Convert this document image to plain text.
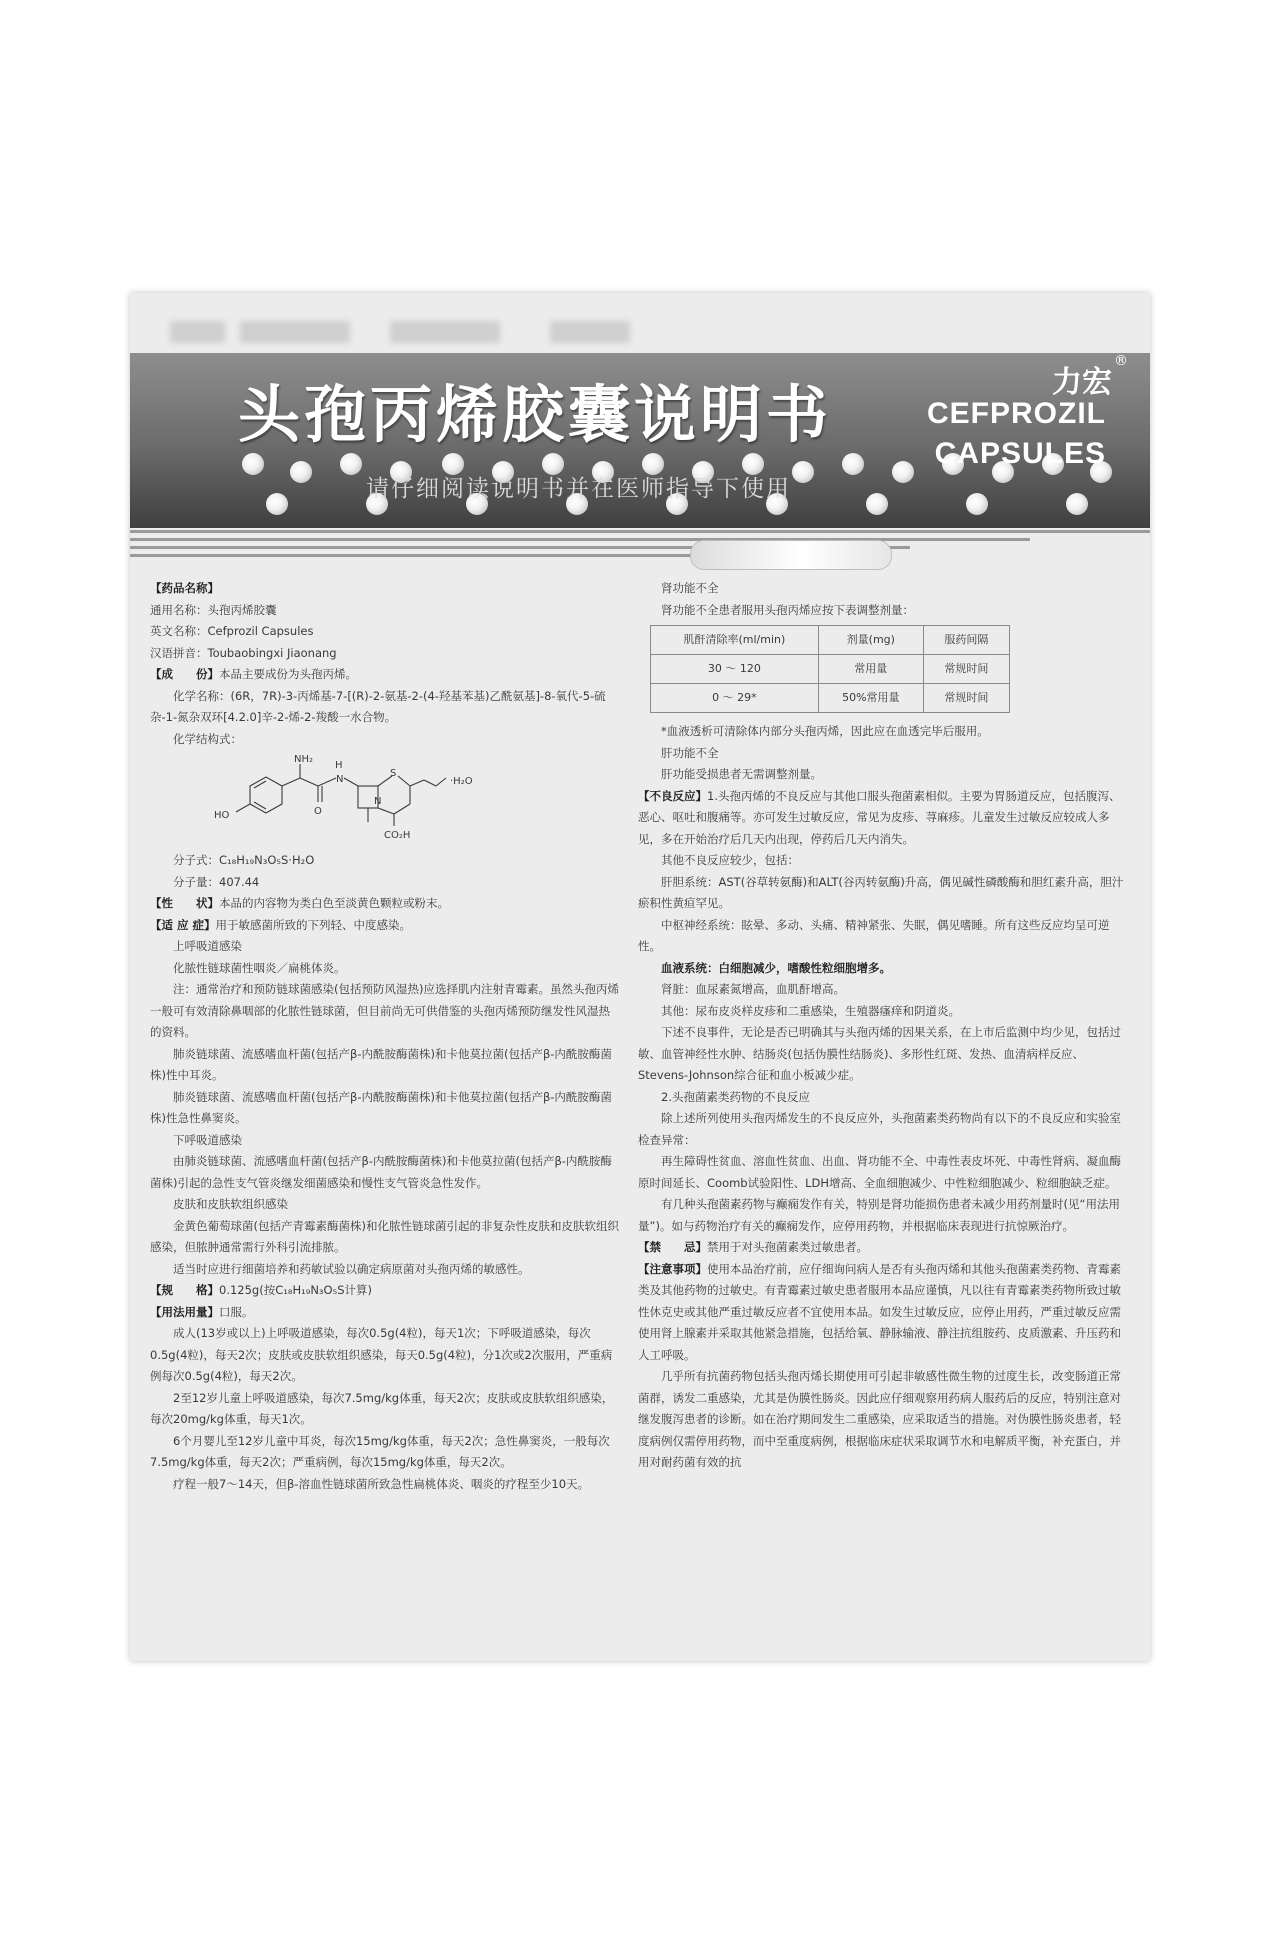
头孢丙烯胶囊说明书
请仔细阅读说明书并在医师指导下使用
力宏
®
CEFPROZIL
CAPSULES

【药品名称】

通用名称：头孢丙烯胶囊

英文名称：Cefprozil Capsules

汉语拼音：Toubaobingxi Jiaonang

【成　　份】本品主要成份为头孢丙烯。

化学名称：(6R，7R)-3-丙烯基-7-[(R)-2-氨基-2-(4-羟基苯基)乙酰氨基]-8-氧代-5-硫杂-1-氮杂双环[4.2.0]辛-2-烯-2-羧酸一水合物。

化学结构式：

NH₂
H
N
S
HO	O
N
CO₂H
·H₂O

分子式：C₁₈H₁₉N₃O₅S·H₂O

分子量：407.44

【性　　状】本品的内容物为类白色至淡黄色颗粒或粉末。

【适 应 症】用于敏感菌所致的下列轻、中度感染。

上呼吸道感染

化脓性链球菌性咽炎／扁桃体炎。

注：通常治疗和预防链球菌感染(包括预防风湿热)应选择肌内注射青霉素。虽然头孢丙烯一般可有效清除鼻咽部的化脓性链球菌，但目前尚无可供借鉴的头孢丙烯预防继发性风湿热的资料。

肺炎链球菌、流感嗜血杆菌(包括产β-内酰胺酶菌株)和卡他莫拉菌(包括产β-内酰胺酶菌株)性中耳炎。

肺炎链球菌、流感嗜血杆菌(包括产β-内酰胺酶菌株)和卡他莫拉菌(包括产β-内酰胺酶菌株)性急性鼻窦炎。

下呼吸道感染

由肺炎链球菌、流感嗜血杆菌(包括产β-内酰胺酶菌株)和卡他莫拉菌(包括产β-内酰胺酶菌株)引起的急性支气管炎继发细菌感染和慢性支气管炎急性发作。

皮肤和皮肤软组织感染

金黄色葡萄球菌(包括产青霉素酶菌株)和化脓性链球菌引起的非复杂性皮肤和皮肤软组织感染，但脓肿通常需行外科引流排脓。

适当时应进行细菌培养和药敏试验以确定病原菌对头孢丙烯的敏感性。

【规　　格】0.125g(按C₁₈H₁₉N₃O₅S计算)

【用法用量】口服。

成人(13岁或以上)上呼吸道感染，每次0.5g(4粒)，每天1次；下呼吸道感染，每次0.5g(4粒)，每天2次；皮肤或皮肤软组织感染，每天0.5g(4粒)，分1次或2次服用，严重病例每次0.5g(4粒)，每天2次。

2至12岁儿童上呼吸道感染，每次7.5mg/kg体重，每天2次；皮肤或皮肤软组织感染，每次20mg/kg体重，每天1次。

6个月婴儿至12岁儿童中耳炎，每次15mg/kg体重，每天2次；急性鼻窦炎，一般每次7.5mg/kg体重，每天2次；严重病例，每次15mg/kg体重，每天2次。

疗程一般7～14天，但β-溶血性链球菌所致急性扁桃体炎、咽炎的疗程至少10天。

肾功能不全

肾功能不全患者服用头孢丙烯应按下表调整剂量：

肌酐清除率(ml/min)	剂量(mg)	服药间隔
30 ～ 120	常用量	常规时间
0 ～ 29*	50%常用量	常规时间

*血液透析可清除体内部分头孢丙烯，因此应在血透完毕后服用。

肝功能不全

肝功能受损患者无需调整剂量。

【不良反应】1.头孢丙烯的不良反应与其他口服头孢菌素相似。主要为胃肠道反应，包括腹泻、恶心、呕吐和腹痛等。亦可发生过敏反应，常见为皮疹、荨麻疹。儿童发生过敏反应较成人多见，多在开始治疗后几天内出现，停药后几天内消失。

其他不良反应较少，包括：

肝胆系统：AST(谷草转氨酶)和ALT(谷丙转氨酶)升高，偶见碱性磷酸酶和胆红素升高，胆汁瘀积性黄疸罕见。

中枢神经系统：眩晕、多动、头痛、精神紧张、失眠，偶见嗜睡。所有这些反应均呈可逆性。

血液系统：白细胞减少，嗜酸性粒细胞增多。

肾脏：血尿素氮增高，血肌酐增高。

其他：尿布皮炎样皮疹和二重感染，生殖器瘙痒和阴道炎。

下述不良事件，无论是否已明确其与头孢丙烯的因果关系，在上市后监测中均少见，包括过敏、血管神经性水肿、结肠炎(包括伪膜性结肠炎)、多形性红斑、发热、血清病样反应、Stevens-Johnson综合征和血小板减少症。

2.头孢菌素类药物的不良反应

除上述所列使用头孢丙烯发生的不良反应外，头孢菌素类药物尚有以下的不良反应和实验室检查异常：

再生障碍性贫血、溶血性贫血、出血、肾功能不全、中毒性表皮坏死、中毒性肾病、凝血酶原时间延长、Coomb试验阳性、LDH增高、全血细胞减少、中性粒细胞减少、粒细胞缺乏症。

有几种头孢菌素药物与癫痫发作有关，特别是肾功能损伤患者未减少用药剂量时(见“用法用量”)。如与药物治疗有关的癫痫发作，应停用药物，并根据临床表现进行抗惊厥治疗。

【禁　　忌】禁用于对头孢菌素类过敏患者。

【注意事项】使用本品治疗前，应仔细询问病人是否有头孢丙烯和其他头孢菌素类药物、青霉素类及其他药物的过敏史。有青霉素过敏史患者服用本品应谨慎，凡以往有青霉素类药物所致过敏性休克史或其他严重过敏反应者不宜使用本品。如发生过敏反应，应停止用药，严重过敏反应需使用肾上腺素并采取其他紧急措施，包括给氧、静脉输液、静注抗组胺药、皮质激素、升压药和人工呼吸。

几乎所有抗菌药物包括头孢丙烯长期使用可引起非敏感性微生物的过度生长，改变肠道正常菌群，诱发二重感染，尤其是伪膜性肠炎。因此应仔细观察用药病人服药后的反应，特别注意对继发腹泻患者的诊断。如在治疗期间发生二重感染，应采取适当的措施。对伪膜性肠炎患者，轻度病例仅需停用药物，而中至重度病例，根据临床症状采取调节水和电解质平衡，补充蛋白，并用对耐药菌有效的抗
